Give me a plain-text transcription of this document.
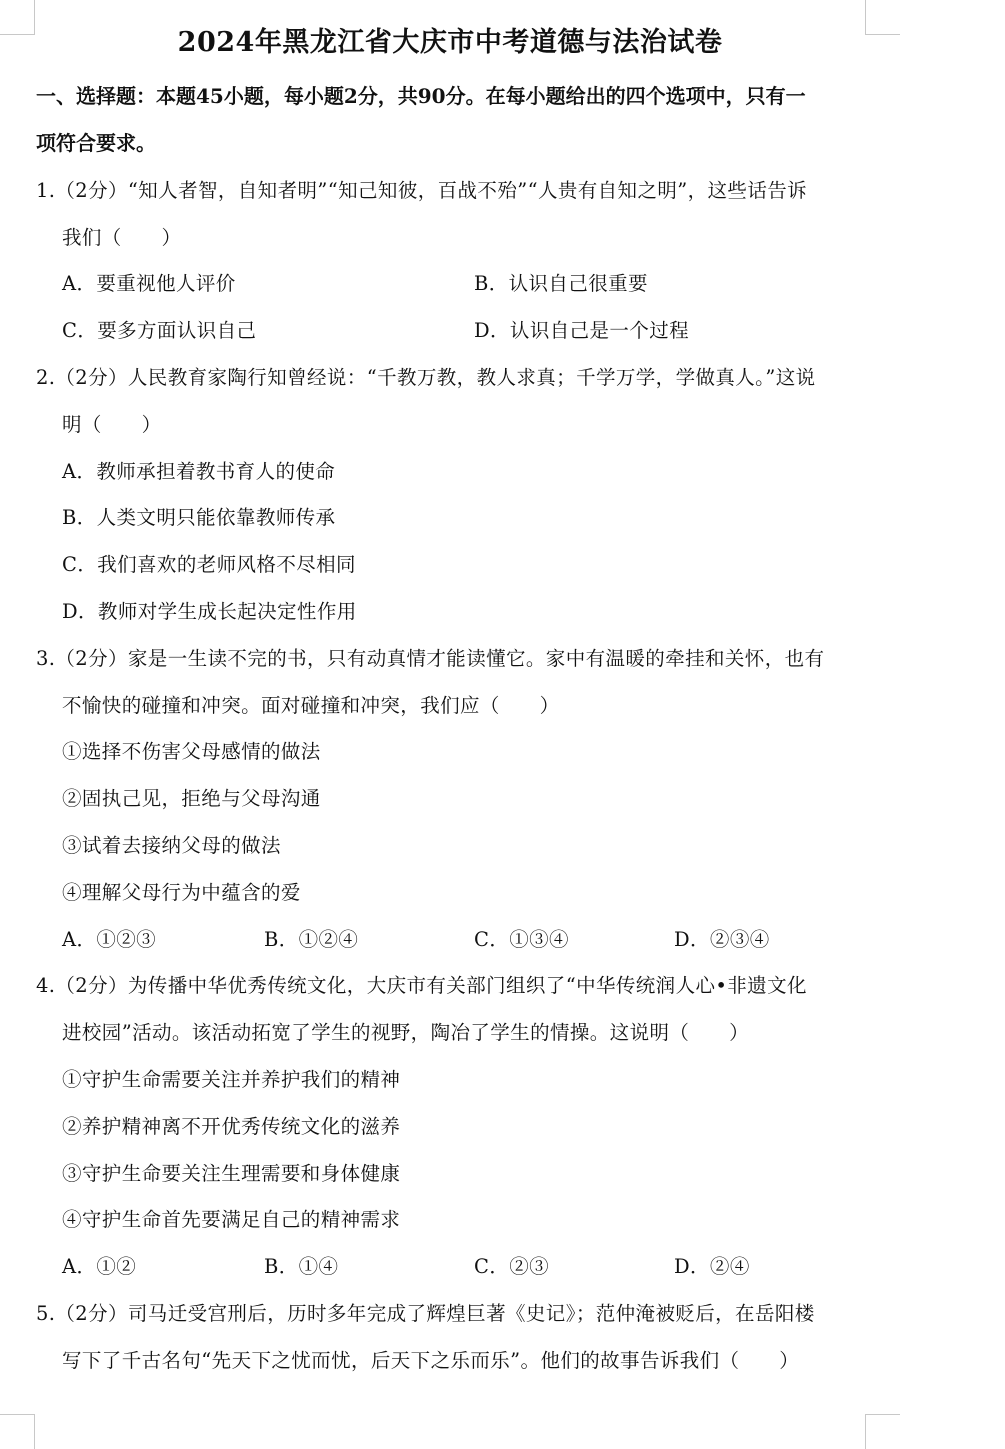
2024年黑龙江省大庆市中考道德与法治试卷
一、选择题：本题45小题，每小题2分，共90分。在每小题给出的四个选项中，只有一
项符合要求。
1.（2分）“知人者智，自知者明”“知己知彼，百战不殆”“人贵有自知之明”，这些话告诉
我们（　　）
A．要重视他人评价	B．认识自己很重要
C．要多方面认识自己	D．认识自己是一个过程
2.（2分）人民教育家陶行知曾经说：“千教万教，教人求真；千学万学，学做真人。”这说
明（　　）
A．教师承担着教书育人的使命
B．人类文明只能依靠教师传承
C．我们喜欢的老师风格不尽相同
D．教师对学生成长起决定性作用
3.（2分）家是一生读不完的书，只有动真情才能读懂它。家中有温暖的牵挂和关怀，也有
不愉快的碰撞和冲突。面对碰撞和冲突，我们应（　　）
①选择不伤害父母感情的做法
②固执己见，拒绝与父母沟通
③试着去接纳父母的做法
④理解父母行为中蕴含的爱
A．①②③	B．①②④	C．①③④	D．②③④
4.（2分）为传播中华优秀传统文化，大庆市有关部门组织了“中华传统润人心•非遗文化
进校园”活动。该活动拓宽了学生的视野，陶冶了学生的情操。这说明（　　）
①守护生命需要关注并养护我们的精神
②养护精神离不开优秀传统文化的滋养
③守护生命要关注生理需要和身体健康
④守护生命首先要满足自己的精神需求
A．①②	B．①④	C．②③	D．②④
5.（2分）司马迁受宫刑后，历时多年完成了辉煌巨著《史记》；范仲淹被贬后，在岳阳楼
写下了千古名句“先天下之忧而忧，后天下之乐而乐”。他们的故事告诉我们（　　）
